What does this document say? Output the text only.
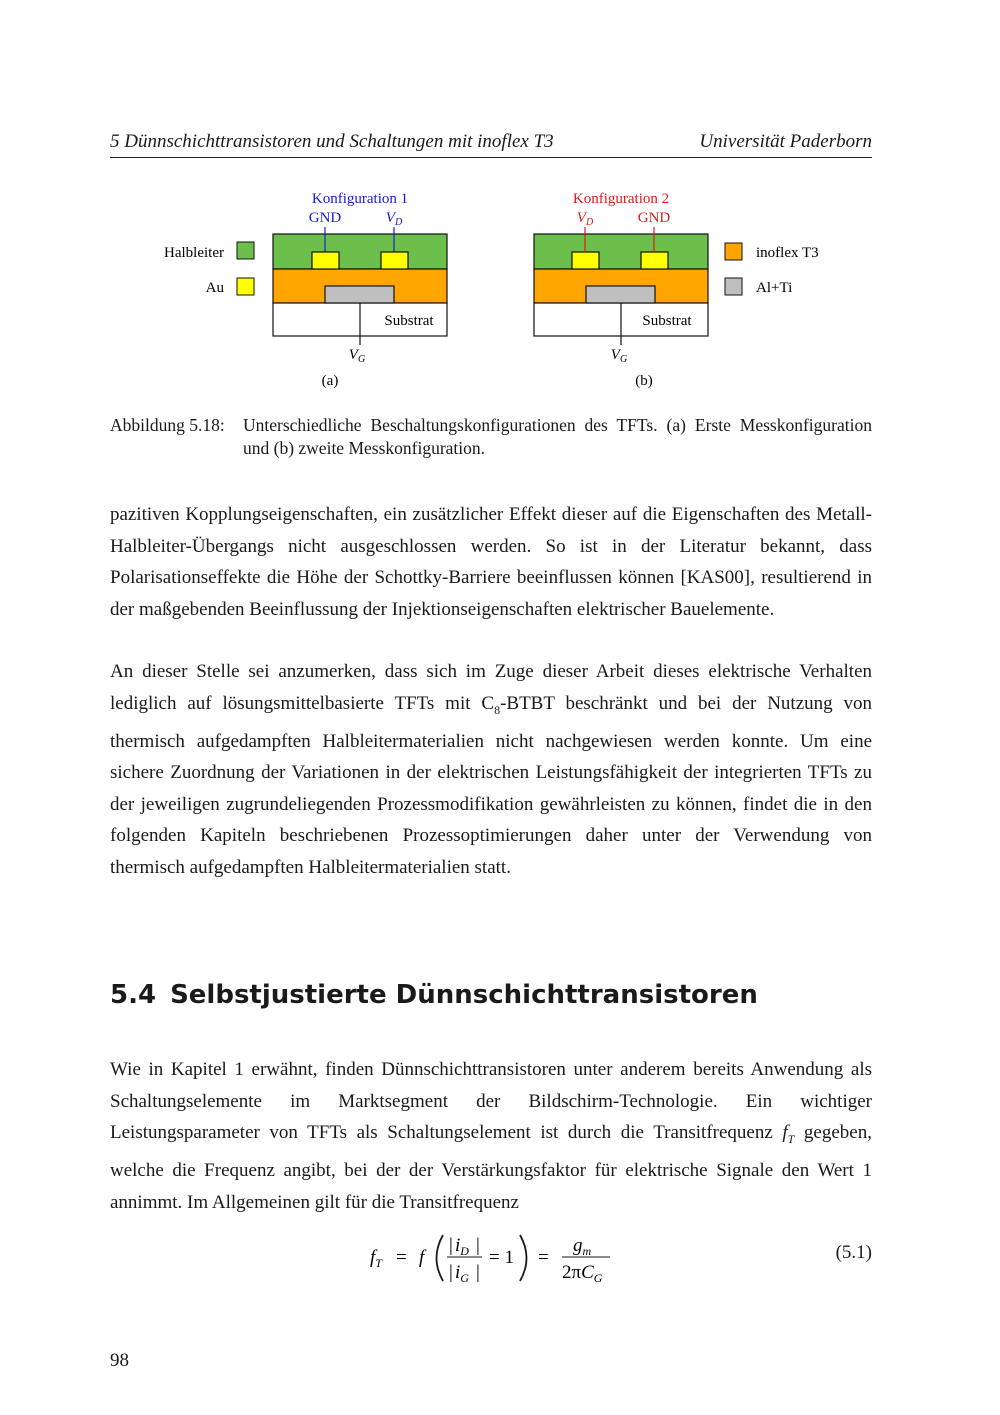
5 Dünnschichttransistoren und Schaltungen mit inoflex T3	Universität Paderborn
Halbleiter
Au
Konfiguration 1
GND	$V_D$
Substrat
$V_G$
(a)
Konfiguration 2
$V_D$	GND
Substrat
$V_G$
(b)
inoflex T3
Al+Ti
Abbildung 5.18: Unterschiedliche Beschaltungskonfigurationen des TFTs. (a) Erste Messkonfiguration und (b) zweite Messkonfiguration.

pazitiven Kopplungseigenschaften, ein zusätzlicher Effekt dieser auf die Eigenschaften des Metall-Halbleiter-Übergangs nicht ausgeschlossen werden. So ist in der Literatur bekannt, dass Polarisationseffekte die Höhe der Schottky-Barriere beeinflussen können [KAS00], resultierend in der maßgebenden Beeinflussung der Injektionseigenschaften elektrischer Bauelemente.

An dieser Stelle sei anzumerken, dass sich im Zuge dieser Arbeit dieses elektrische Verhalten lediglich auf lösungsmittelbasierte TFTs mit $C_8$-BTBT beschränkt und bei der Nutzung von thermisch aufgedampften Halbleitermaterialien nicht nachgewiesen werden konnte. Um eine sichere Zuordnung der Variationen in der elektrischen Leistungsfähigkeit der integrierten TFTs zu der jeweiligen zugrundeliegenden Prozessmodifikation gewährleisten zu können, findet die in den folgenden Kapiteln beschriebenen Prozessoptimierungen daher unter der Verwendung von thermisch aufgedampften Halbleitermaterialien statt.

5.4 Selbstjustierte Dünnschichttransistoren

Wie in Kapitel 1 erwähnt, finden Dünnschichttransistoren unter anderem bereits Anwendung als Schaltungselemente im Marktsegment der Bildschirm-Technologie. Ein wichtiger Leistungsparameter von TFTs als Schaltungselement ist durch die Transitfrequenz $f_T$ gegeben, welche die Frequenz angibt, bei der der Verstärkungsfaktor für elektrische Signale den Wert 1 annimmt. Im Allgemeinen gilt für die Transitfrequenz

$f_T = f$
| $i_D$ |
| $i_G$ |
= 1 =
$g_m$
$2\pi C_G$
(5.1)
98
